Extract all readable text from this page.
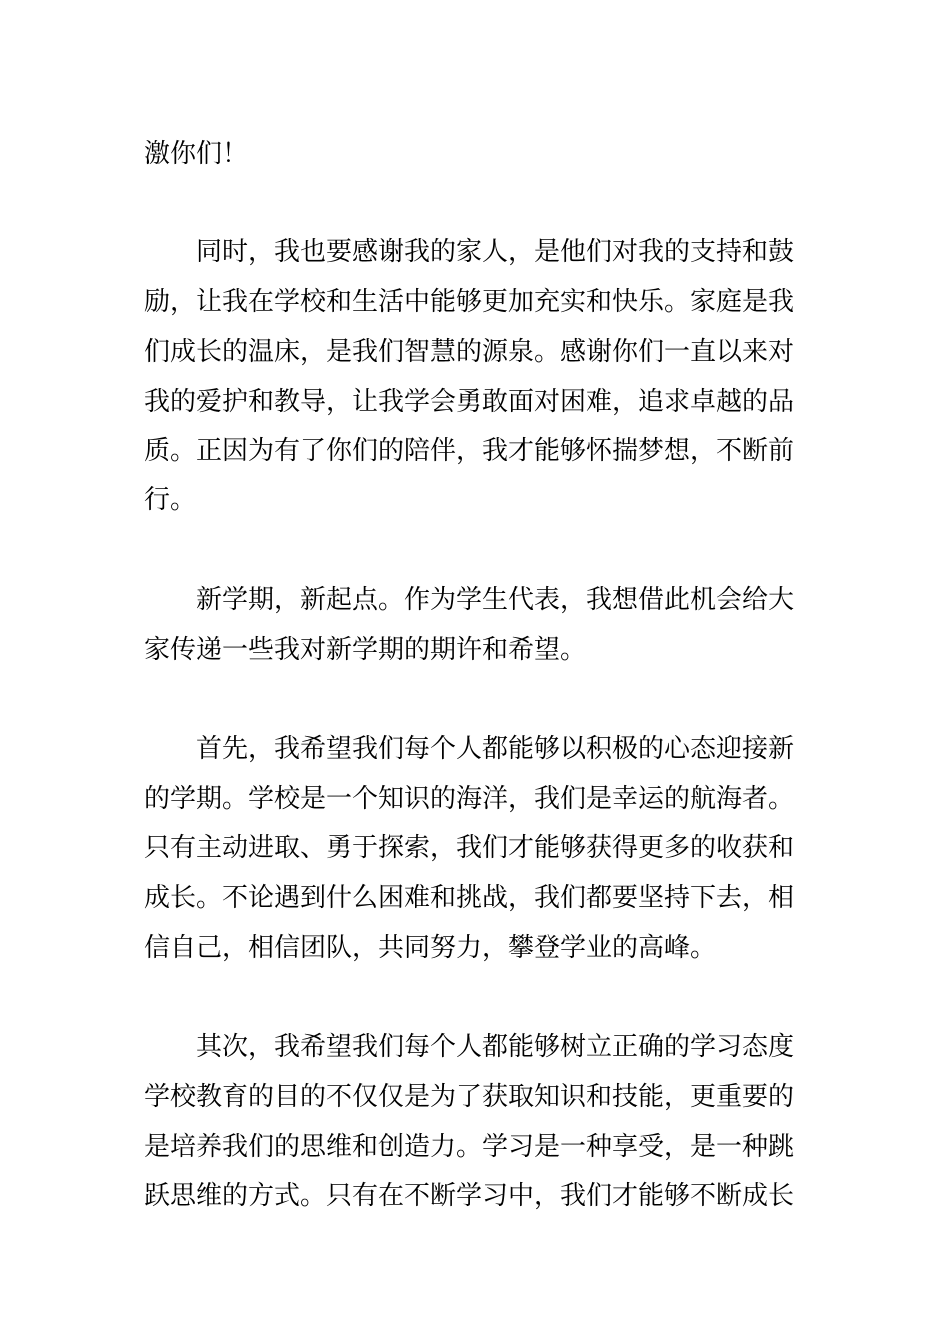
激你们！
同时，我也要感谢我的家人，是他们对我的支持和鼓
励，让我在学校和生活中能够更加充实和快乐。家庭是我
们成长的温床，是我们智慧的源泉。感谢你们一直以来对
我的爱护和教导，让我学会勇敢面对困难，追求卓越的品
质。正因为有了你们的陪伴，我才能够怀揣梦想，不断前
行。
新学期，新起点。作为学生代表，我想借此机会给大
家传递一些我对新学期的期许和希望。
首先，我希望我们每个人都能够以积极的心态迎接新
的学期。学校是一个知识的海洋，我们是幸运的航海者。
只有主动进取、勇于探索，我们才能够获得更多的收获和
成长。不论遇到什么困难和挑战，我们都要坚持下去，相
信自己，相信团队，共同努力，攀登学业的高峰。
其次，我希望我们每个人都能够树立正确的学习态度
学校教育的目的不仅仅是为了获取知识和技能，更重要的
是培养我们的思维和创造力。学习是一种享受，是一种跳
跃思维的方式。只有在不断学习中，我们才能够不断成长
